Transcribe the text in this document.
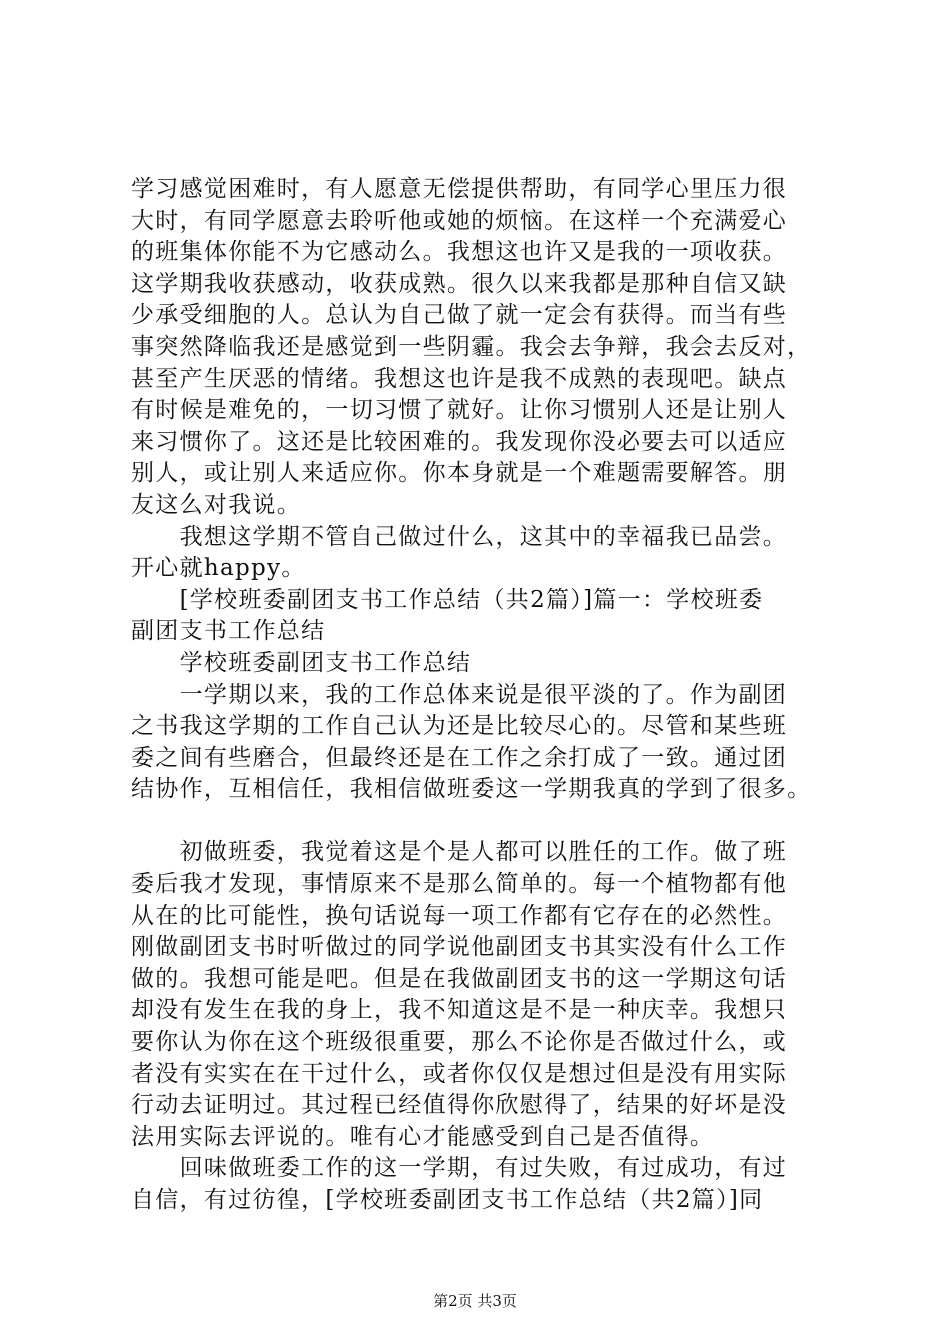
学习感觉困难时，有人愿意无偿提供帮助，有同学心里压力很
大时，有同学愿意去聆听他或她的烦恼。在这样一个充满爱心
的班集体你能不为它感动么。我想这也许又是我的一项收获。
这学期我收获感动，收获成熟。很久以来我都是那种自信又缺
少承受细胞的人。总认为自己做了就一定会有获得。而当有些
事突然降临我还是感觉到一些阴霾。我会去争辩，我会去反对，
甚至产生厌恶的情绪。我想这也许是我不成熟的表现吧。缺点
有时候是难免的，一切习惯了就好。让你习惯别人还是让别人
来习惯你了。这还是比较困难的。我发现你没必要去可以适应
别人，或让别人来适应你。你本身就是一个难题需要解答。朋
友这么对我说。
　　我想这学期不管自己做过什么，这其中的幸福我已品尝。
开心就happy。
　　[学校班委副团支书工作总结（共2篇）]篇一：学校班委
副团支书工作总结
　　学校班委副团支书工作总结
　　一学期以来，我的工作总体来说是很平淡的了。作为副团
之书我这学期的工作自己认为还是比较尽心的。尽管和某些班
委之间有些磨合，但最终还是在工作之余打成了一致。通过团
结协作，互相信任，我相信做班委这一学期我真的学到了很多。
　　初做班委，我觉着这是个是人都可以胜任的工作。做了班
委后我才发现，事情原来不是那么简单的。每一个植物都有他
从在的比可能性，换句话说每一项工作都有它存在的必然性。
刚做副团支书时听做过的同学说他副团支书其实没有什么工作
做的。我想可能是吧。但是在我做副团支书的这一学期这句话
却没有发生在我的身上，我不知道这是不是一种庆幸。我想只
要你认为你在这个班级很重要，那么不论你是否做过什么，或
者没有实实在在干过什么，或者你仅仅是想过但是没有用实际
行动去证明过。其过程已经值得你欣慰得了，结果的好坏是没
法用实际去评说的。唯有心才能感受到自己是否值得。
　　回味做班委工作的这一学期，有过失败，有过成功，有过
自信，有过彷徨，[学校班委副团支书工作总结（共2篇）]同
第2页 共3页
